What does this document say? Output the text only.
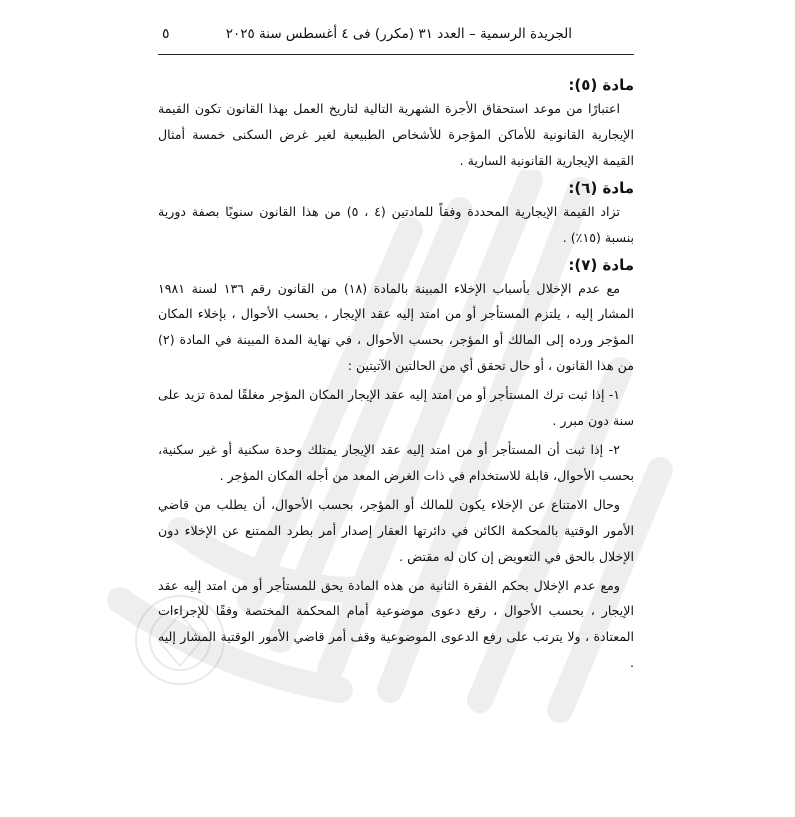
الجريدة الرسمية – العدد ٣١ (مكرر) فى ٤ أغسطس سنة ٢٠٢٥
٥
مادة (٥):

اعتبارًا من موعد استحقاق الأجرة الشهرية التالية لتاريخ العمل بهذا القانون تكون القيمة الإيجارية القانونية للأماكن المؤجرة للأشخاص الطبيعية لغير غرض السكنى خمسة أمثال القيمة الإيجارية القانونية السارية .

مادة (٦):

تزاد القيمة الإيجارية المحددة وفقاً للمادتين (٤ ، ٥) من هذا القانون سنويًا بصفة دورية بنسبة (١٥٪) .

مادة (٧):

مع عدم الإخلال بأسباب الإخلاء المبينة بالمادة (١٨) من القانون رقم ١٣٦ لسنة ١٩٨١ المشار إليه ، يلتزم المستأجر أو من امتد إليه عقد الإيجار ، بحسب الأحوال ، بإخلاء المكان المؤجر ورده إلى المالك أو المؤجر، بحسب الأحوال ، في نهاية المدة المبينة في المادة (٢) من هذا القانون ، أو حال تحقق أي من الحالتين الآتيتين :

١- إذا ثبت ترك المستأجر أو من امتد إليه عقد الإيجار المكان المؤجر مغلقًا لمدة تزيد على سنة دون مبرر .

٢- إذا ثبت أن المستأجر أو من امتد إليه عقد الإيجار يمتلك وحدة سكنية أو غير سكنية، بحسب الأحوال، قابلة للاستخدام في ذات الغرض المعد من أجله المكان المؤجر .

وحال الامتناع عن الإخلاء يكون للمالك أو المؤجر، بحسب الأحوال، أن يطلب من قاضي الأمور الوقتية بالمحكمة الكائن في دائرتها العقار إصدار أمر بطرد الممتنع عن الإخلاء دون الإخلال بالحق في التعويض إن كان له مقتض .

ومع عدم الإخلال بحكم الفقرة الثانية من هذه المادة يحق للمستأجر أو من امتد إليه عقد الإيجار ، بحسب الأحوال ، رفع دعوى موضوعية أمام المحكمة المختصة وفقًا للإجراءات المعتادة ، ولا يترتب على رفع الدعوى الموضوعية وقف أمر قاضي الأمور الوقتية المشار إليه .
